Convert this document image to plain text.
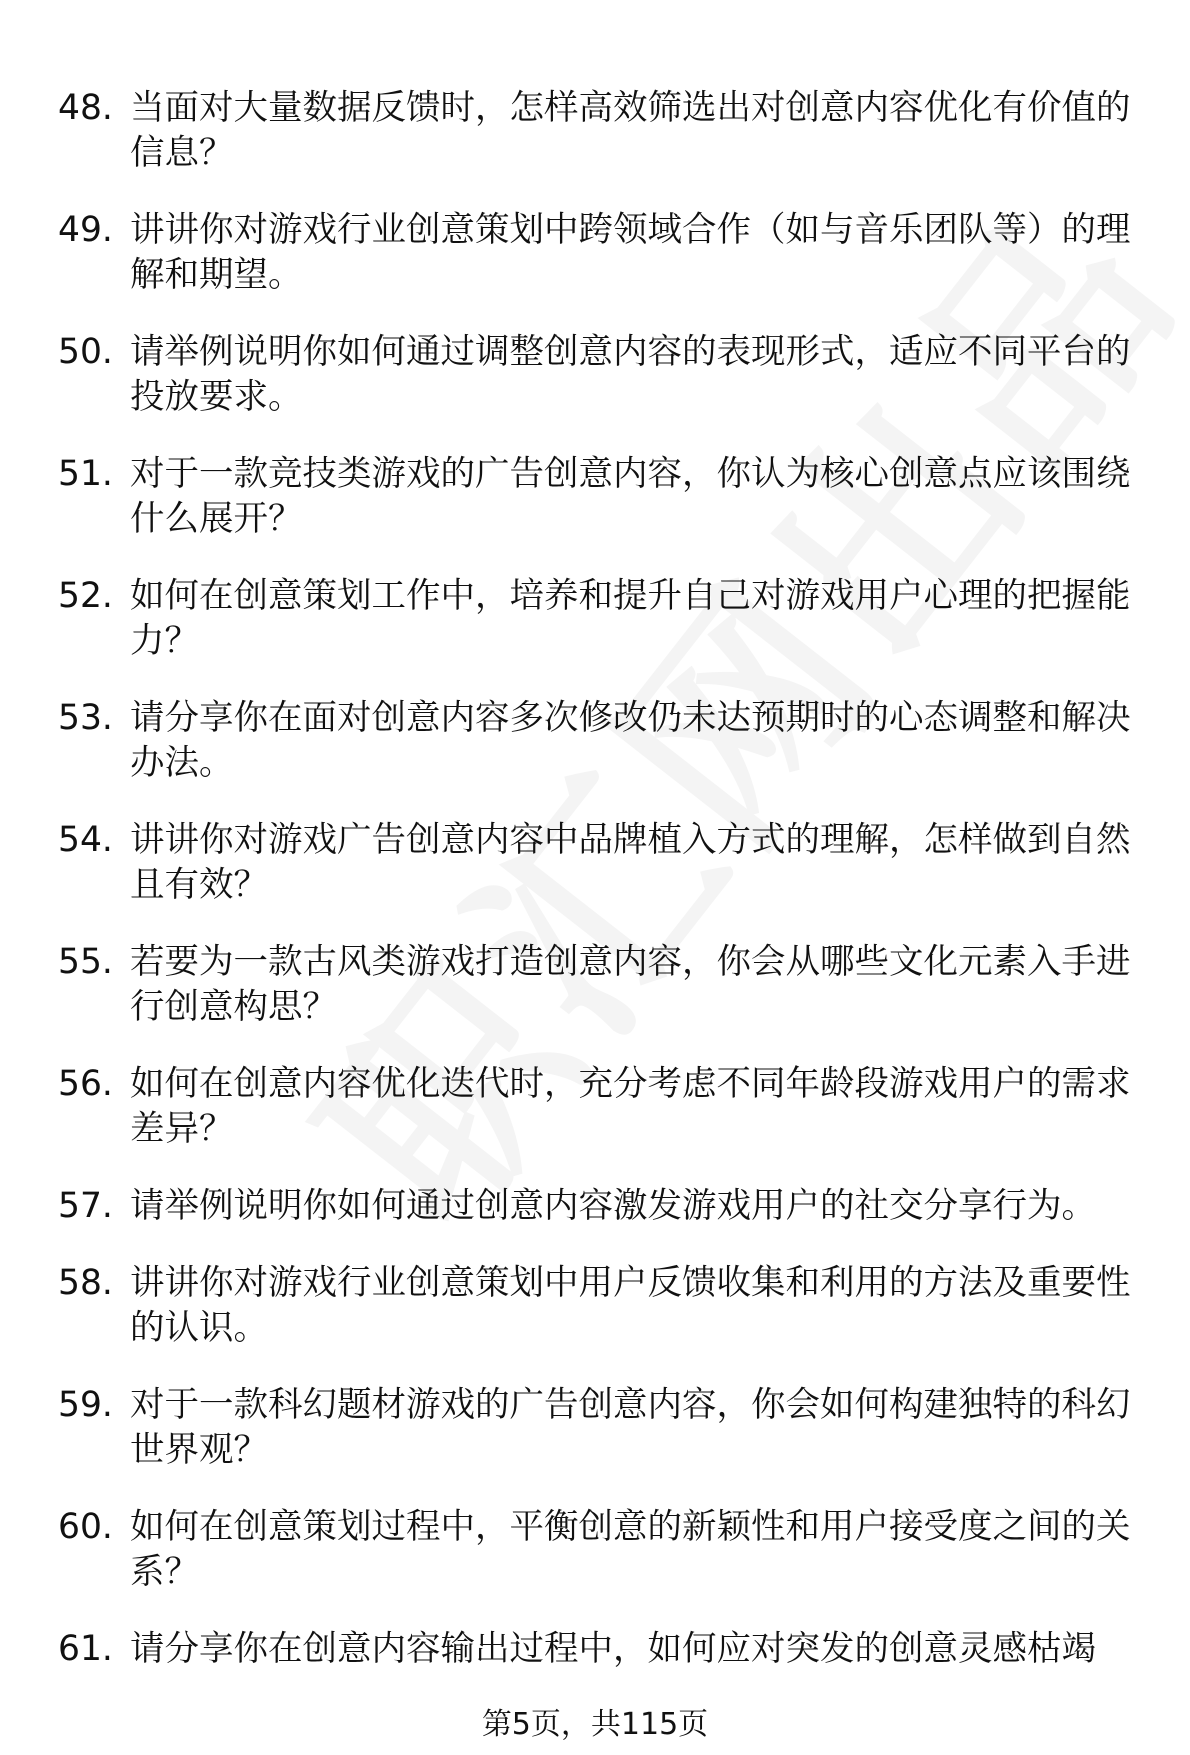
48. 当面对大量数据反馈时，怎样高效筛选出对创意内容优化有价值的信息？
49. 讲讲你对游戏行业创意策划中跨领域合作（如与音乐团队等）的理解和期望。
50. 请举例说明你如何通过调整创意内容的表现形式，适应不同平台的投放要求。
51. 对于一款竞技类游戏的广告创意内容，你认为核心创意点应该围绕什么展开？
52. 如何在创意策划工作中，培养和提升自己对游戏用户心理的把握能力？
53. 请分享你在面对创意内容多次修改仍未达预期时的心态调整和解决办法。
54. 讲讲你对游戏广告创意内容中品牌植入方式的理解，怎样做到自然且有效？
55. 若要为一款古风类游戏打造创意内容，你会从哪些文化元素入手进行创意构思？
56. 如何在创意内容优化迭代时，充分考虑不同年龄段游戏用户的需求差异？
57. 请举例说明你如何通过创意内容激发游戏用户的社交分享行为。
58. 讲讲你对游戏行业创意策划中用户反馈收集和利用的方法及重要性的认识。
59. 对于一款科幻题材游戏的广告创意内容，你会如何构建独特的科幻世界观？
60. 如何在创意策划过程中，平衡创意的新颖性和用户接受度之间的关系？
61. 请分享你在创意内容输出过程中，如何应对突发的创意灵感枯竭
第5页，共115页
